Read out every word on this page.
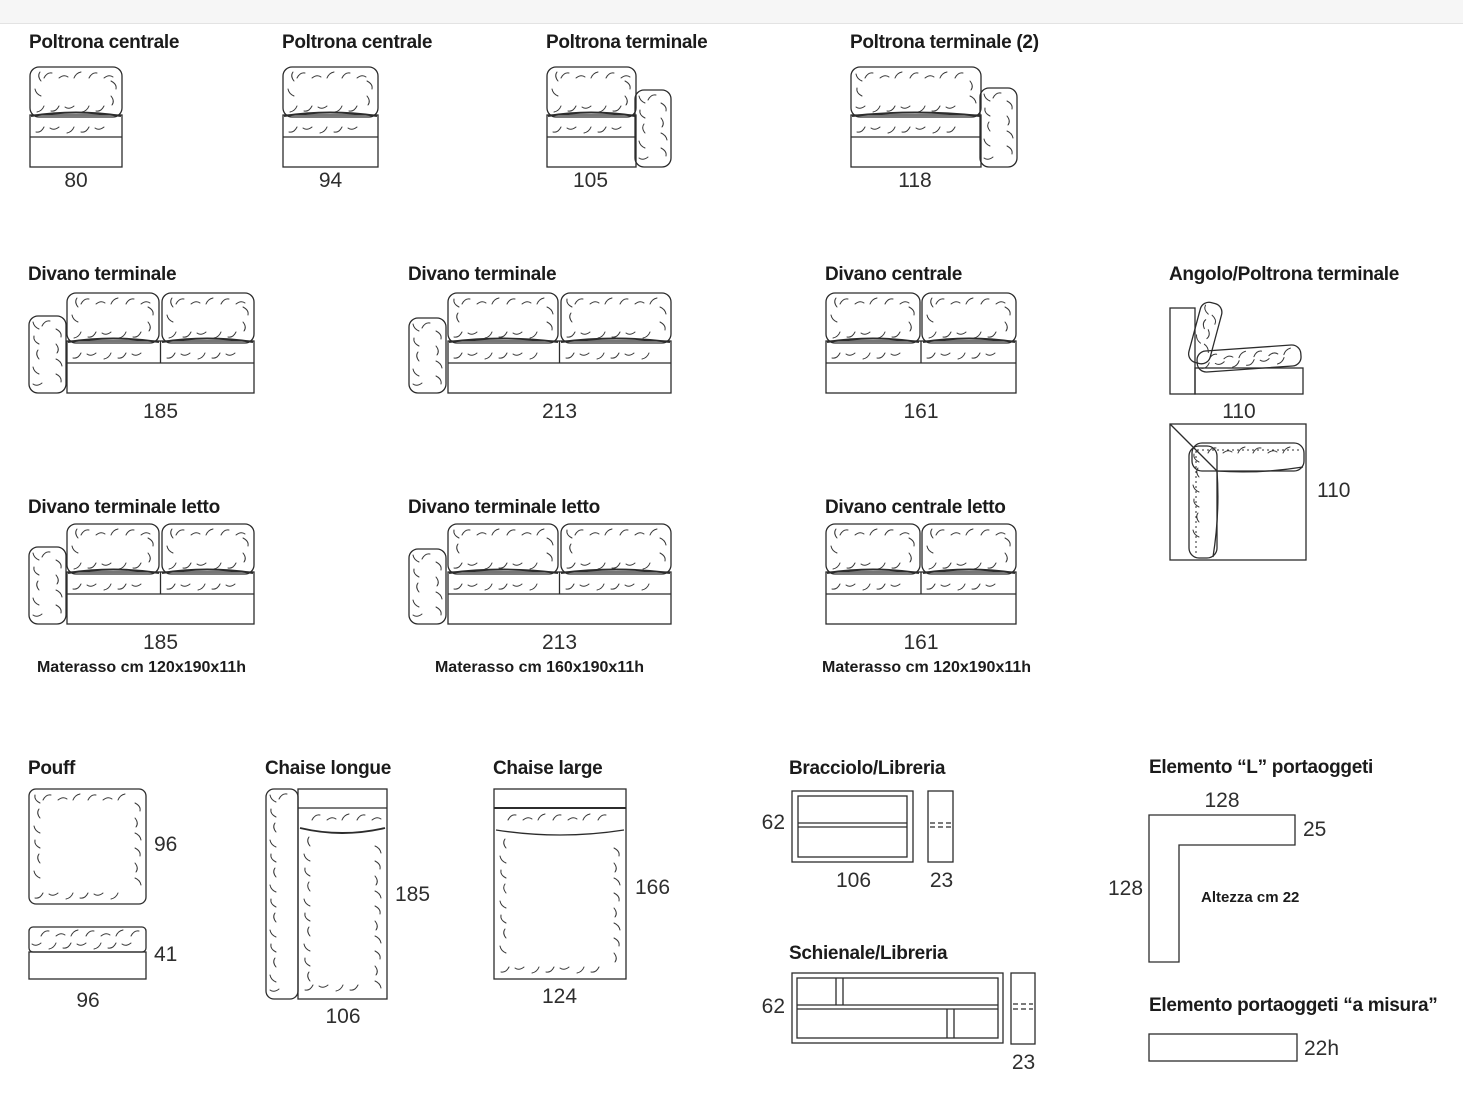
Poltrona centrale
80
Poltrona centrale
94
Poltrona terminale
105
Poltrona terminale (2)
118
Divano terminale
185
Divano terminale
213
Divano centrale
161
Angolo/Poltrona terminale
110
110
Divano terminale letto
185
Materasso cm 120x190x11h
Divano terminale letto
213
Materasso cm 160x190x11h
Divano centrale letto
161
Materasso cm 120x190x11h
Pouff
96
41
96
Chaise longue
185
106
Chaise large
166
124
Bracciolo/Libreria
62
106	23
Schienale/Libreria
62
23
Elemento “L” portaoggeti
128
25
128	Altezza cm 22
Elemento portaoggeti “a misura”
22h
